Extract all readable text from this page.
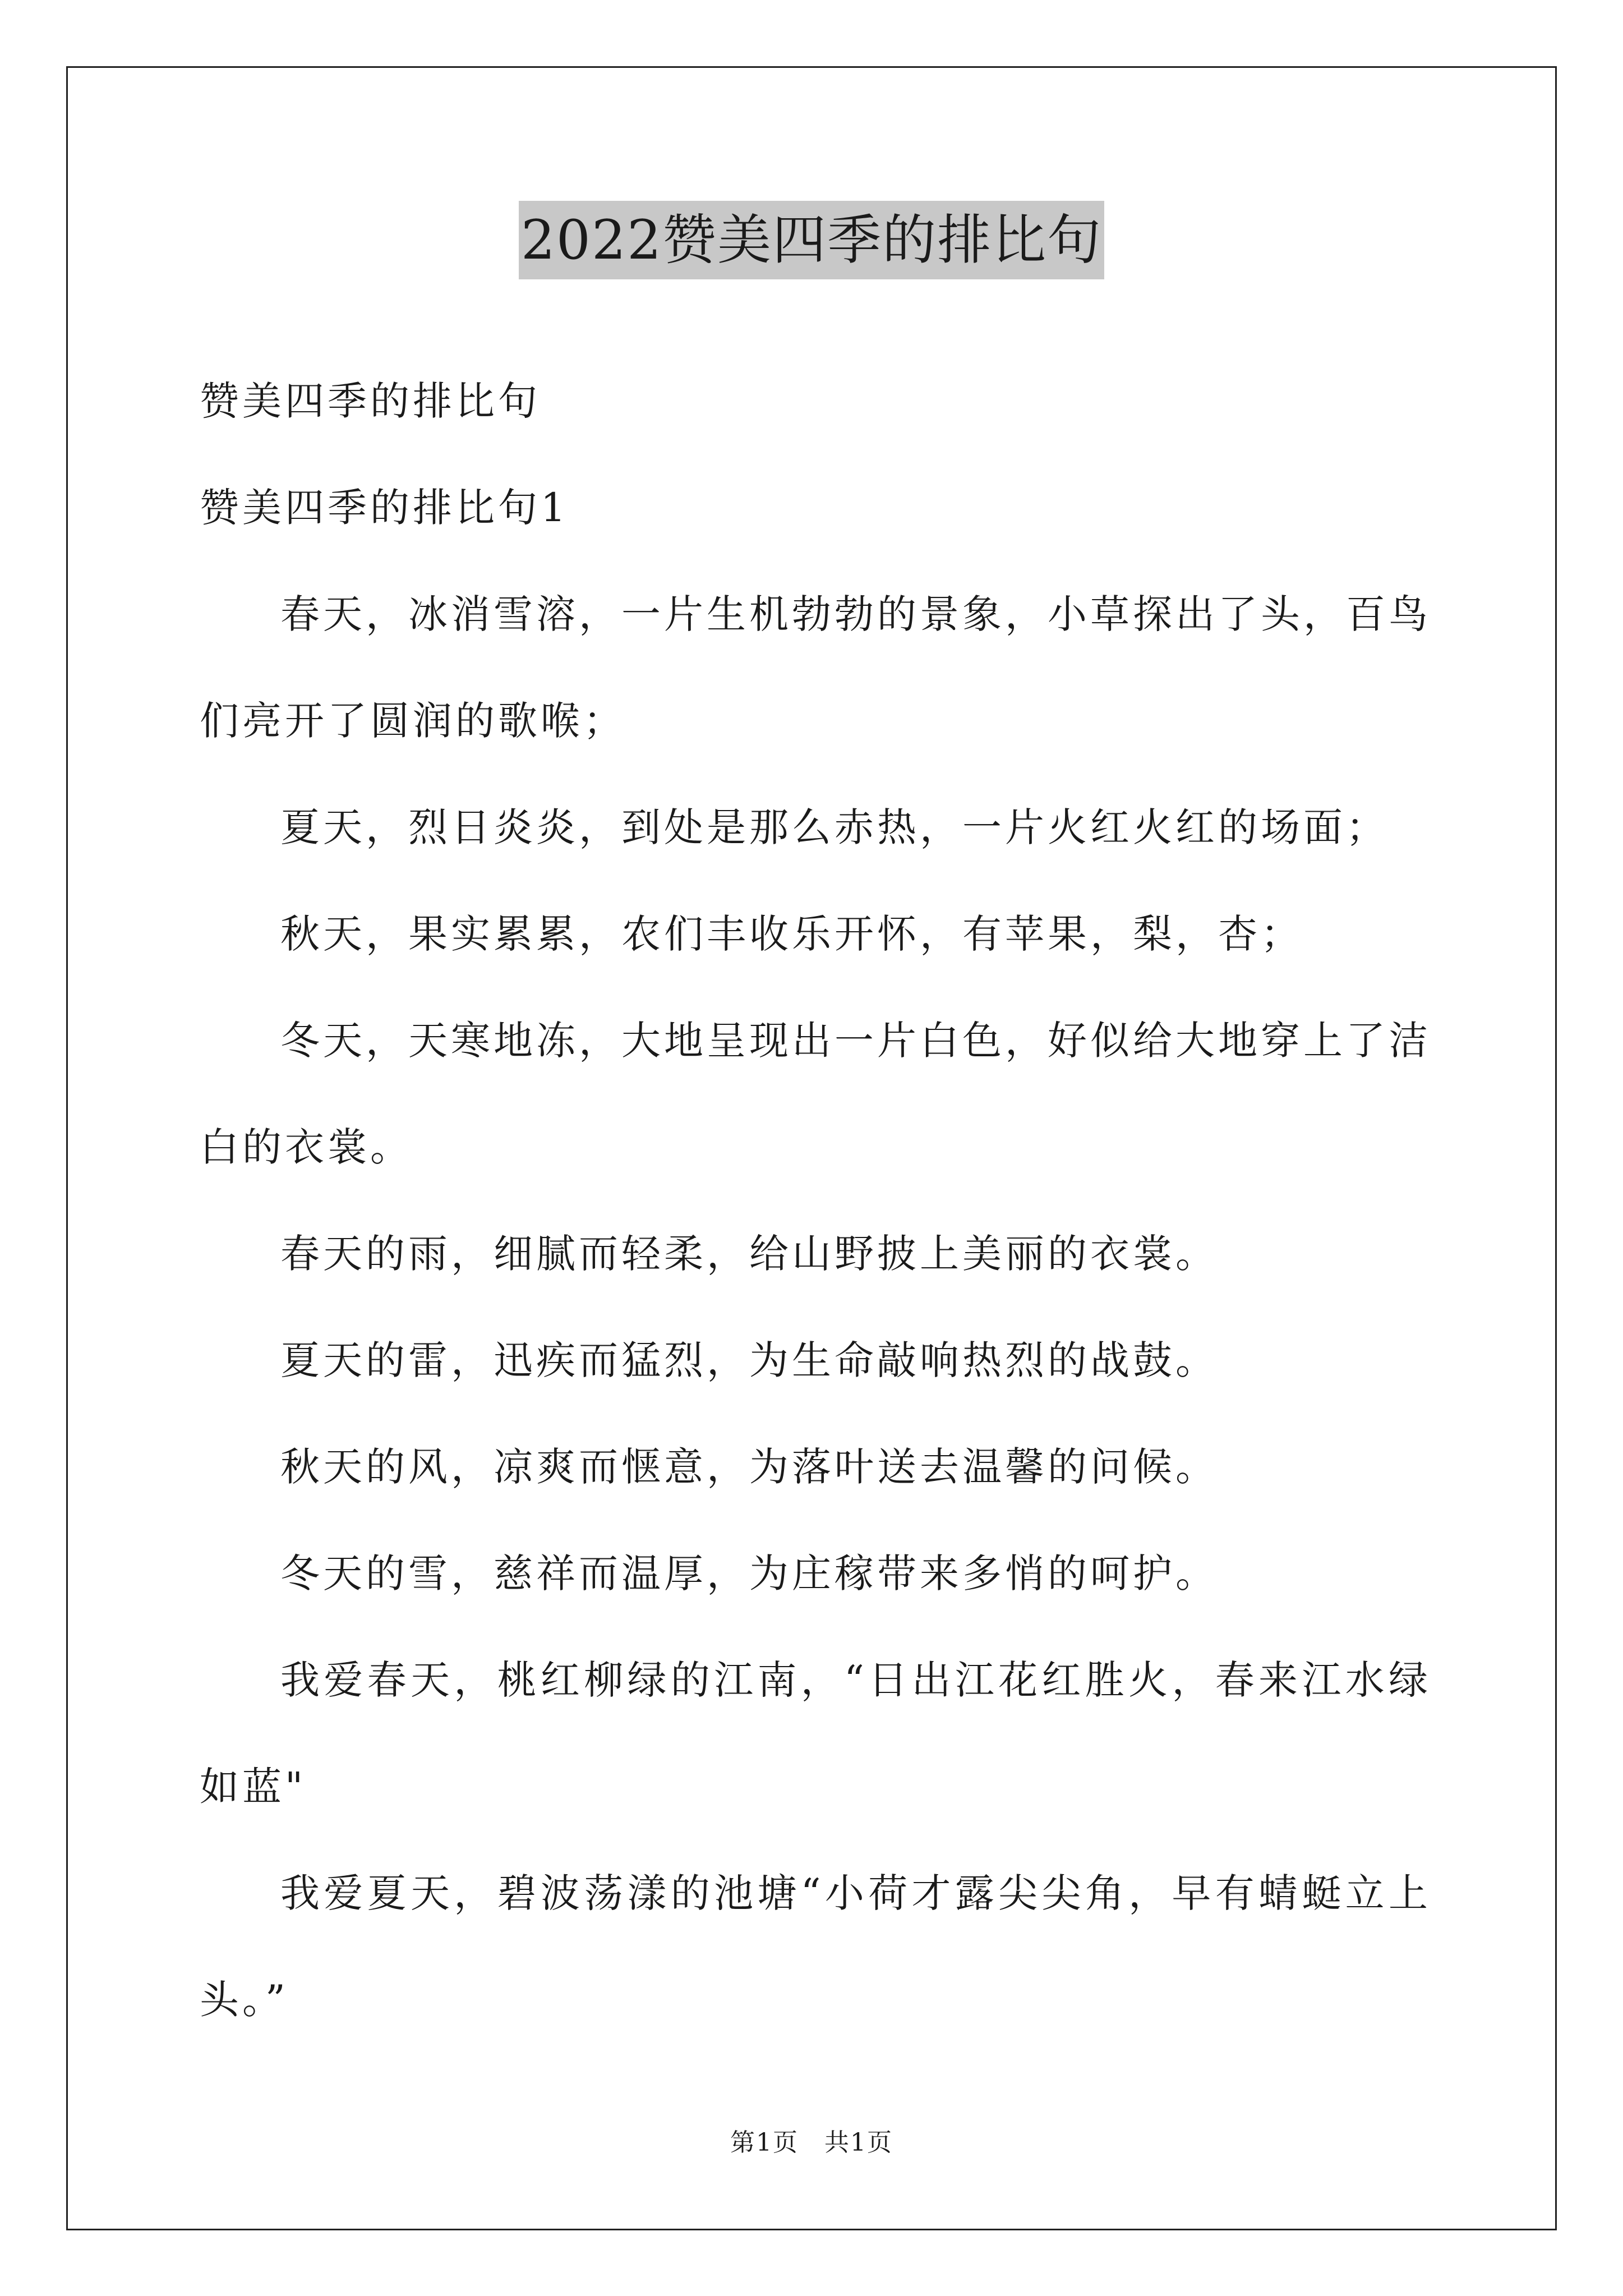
2022赞美四季的排比句
赞美四季的排比句
赞美四季的排比句1
春天，冰消雪溶，一片生机勃勃的景象，小草探出了头，百鸟们亮开了圆润的歌喉；
夏天，烈日炎炎，到处是那么赤热，一片火红火红的场面；
秋天，果实累累，农们丰收乐开怀，有苹果，梨，杏；
冬天，天寒地冻，大地呈现出一片白色，好似给大地穿上了洁白的衣裳。
春天的雨，细腻而轻柔，给山野披上美丽的衣裳。
夏天的雷，迅疾而猛烈，为生命敲响热烈的战鼓。
秋天的风，凉爽而惬意，为落叶送去温馨的问候。
冬天的雪，慈祥而温厚，为庄稼带来多悄的呵护。
我爱春天，桃红柳绿的江南，“日出江花红胜火，春来江水绿如蓝"
我爱夏天，碧波荡漾的池塘“小荷才露尖尖角，早有蜻蜓立上头。”
第1页　共1页
